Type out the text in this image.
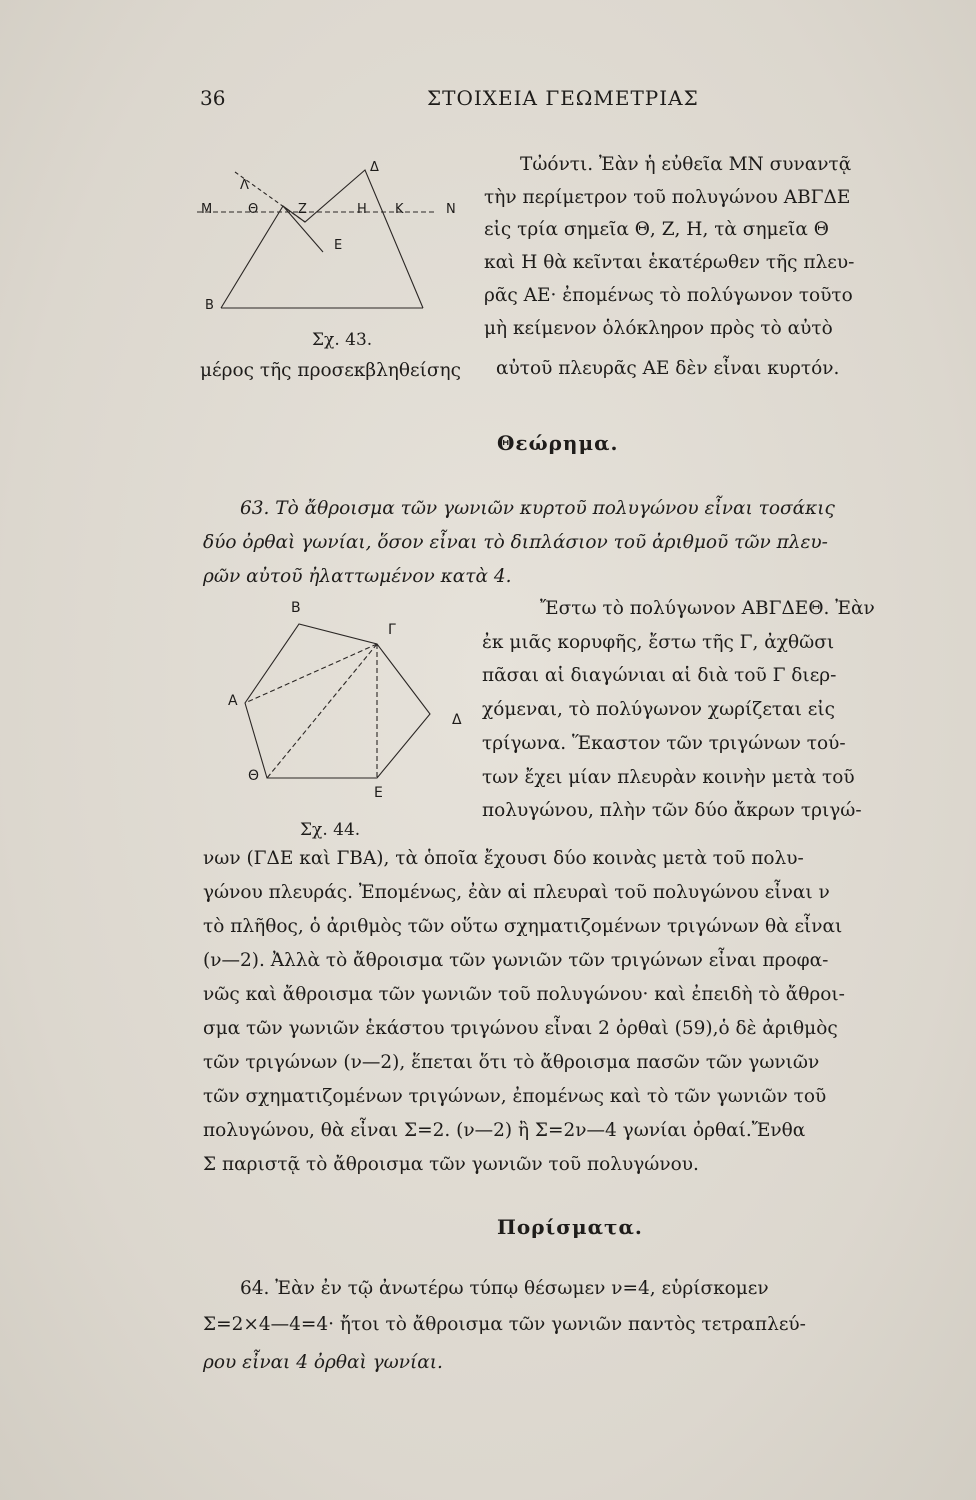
36	ΣΤΟΙΧΕΙΑ ΓΕΩΜΕΤΡΙΑΣ
Δ
Λ
Μ	Θ	Ζ	Η Κ	Ν
Ε
Β
Σχ. 43.
Τὠόντι. Ἐὰν ἡ εὐθεῖα ΜΝ συναντᾷ
τὴν περίμετρον τοῦ πολυγώνου ΑΒΓΔΕ
εἰς τρία σημεῖα Θ, Ζ, Η, τὰ σημεῖα Θ
καὶ Η θὰ κεῖνται ἑκατέρωθεν τῆς πλευ-
ρᾶς ΑΕ· ἐπομένως τὸ πολύγωνον τοῦτο
μὴ κείμενον ὁλόκληρον πρὸς τὸ αὐτὸ
μέρος τῆς προσεκβληθείσης αὐτοῦ πλευρᾶς ΑΕ δὲν εἶναι κυρτόν.
Θεώρημα.
63. Τὸ ἄθροισμα τῶν γωνιῶν κυρτοῦ πολυγώνου εἶναι τοσάκις
δύο ὀρθαὶ γωνίαι, ὅσον εἶναι τὸ διπλάσιον τοῦ ἀριθμοῦ τῶν πλευ-
ρῶν αὐτοῦ ἠλαττωμένον κατὰ 4.
Β
Γ
Α
Δ
Θ
Ε
Σχ. 44.
Ἔστω τὸ πολύγωνον ΑΒΓΔΕΘ. Ἐὰν
ἐκ μιᾶς κορυφῆς, ἔστω τῆς Γ, ἀχθῶσι
πᾶσαι αἱ διαγώνιαι αἱ διὰ τοῦ Γ διερ-
χόμεναι, τὸ πολύγωνον χωρίζεται εἰς
τρίγωνα. Ἕκαστον τῶν τριγώνων τού-
των ἔχει μίαν πλευρὰν κοινὴν μετὰ τοῦ
πολυγώνου, πλὴν τῶν δύο ἄκρων τριγώ-
νων (ΓΔΕ καὶ ΓΒΑ), τὰ ὁποῖα ἔχουσι δύο κοινὰς μετὰ τοῦ πολυ-
γώνου πλευράς. Ἐπομένως, ἐὰν αἱ πλευραὶ τοῦ πολυγώνου εἶναι ν
τὸ πλῆθος, ὁ ἀριθμὸς τῶν οὕτω σχηματιζομένων τριγώνων θὰ εἶναι
(ν—2). Ἀλλὰ τὸ ἄθροισμα τῶν γωνιῶν τῶν τριγώνων εἶναι προφα-
νῶς καὶ ἄθροισμα τῶν γωνιῶν τοῦ πολυγώνου· καὶ ἐπειδὴ τὸ ἄθροι-
σμα τῶν γωνιῶν ἑκάστου τριγώνου εἶναι 2 ὀρθαὶ (59),ὁ δὲ ἀριθμὸς
τῶν τριγώνων (ν—2), ἕπεται ὅτι τὸ ἄθροισμα πασῶν τῶν γωνιῶν
τῶν σχηματιζομένων τριγώνων, ἐπομένως καὶ τὸ τῶν γωνιῶν τοῦ
πολυγώνου, θὰ εἶναι Σ=2. (ν—2) ἢ Σ=2ν—4 γωνίαι ὀρθαί.Ἔνθα
Σ παριστᾷ τὸ ἄθροισμα τῶν γωνιῶν τοῦ πολυγώνου.
Πορίσματα.
64. Ἐὰν ἐν τῷ ἀνωτέρω τύπῳ θέσωμεν ν=4, εὑρίσκομεν
Σ=2×4—4=4· ἤτοι τὸ ἄθροισμα τῶν γωνιῶν παντὸς τετραπλεύ-
ρου εἶναι 4 ὀρθαὶ γωνίαι.
